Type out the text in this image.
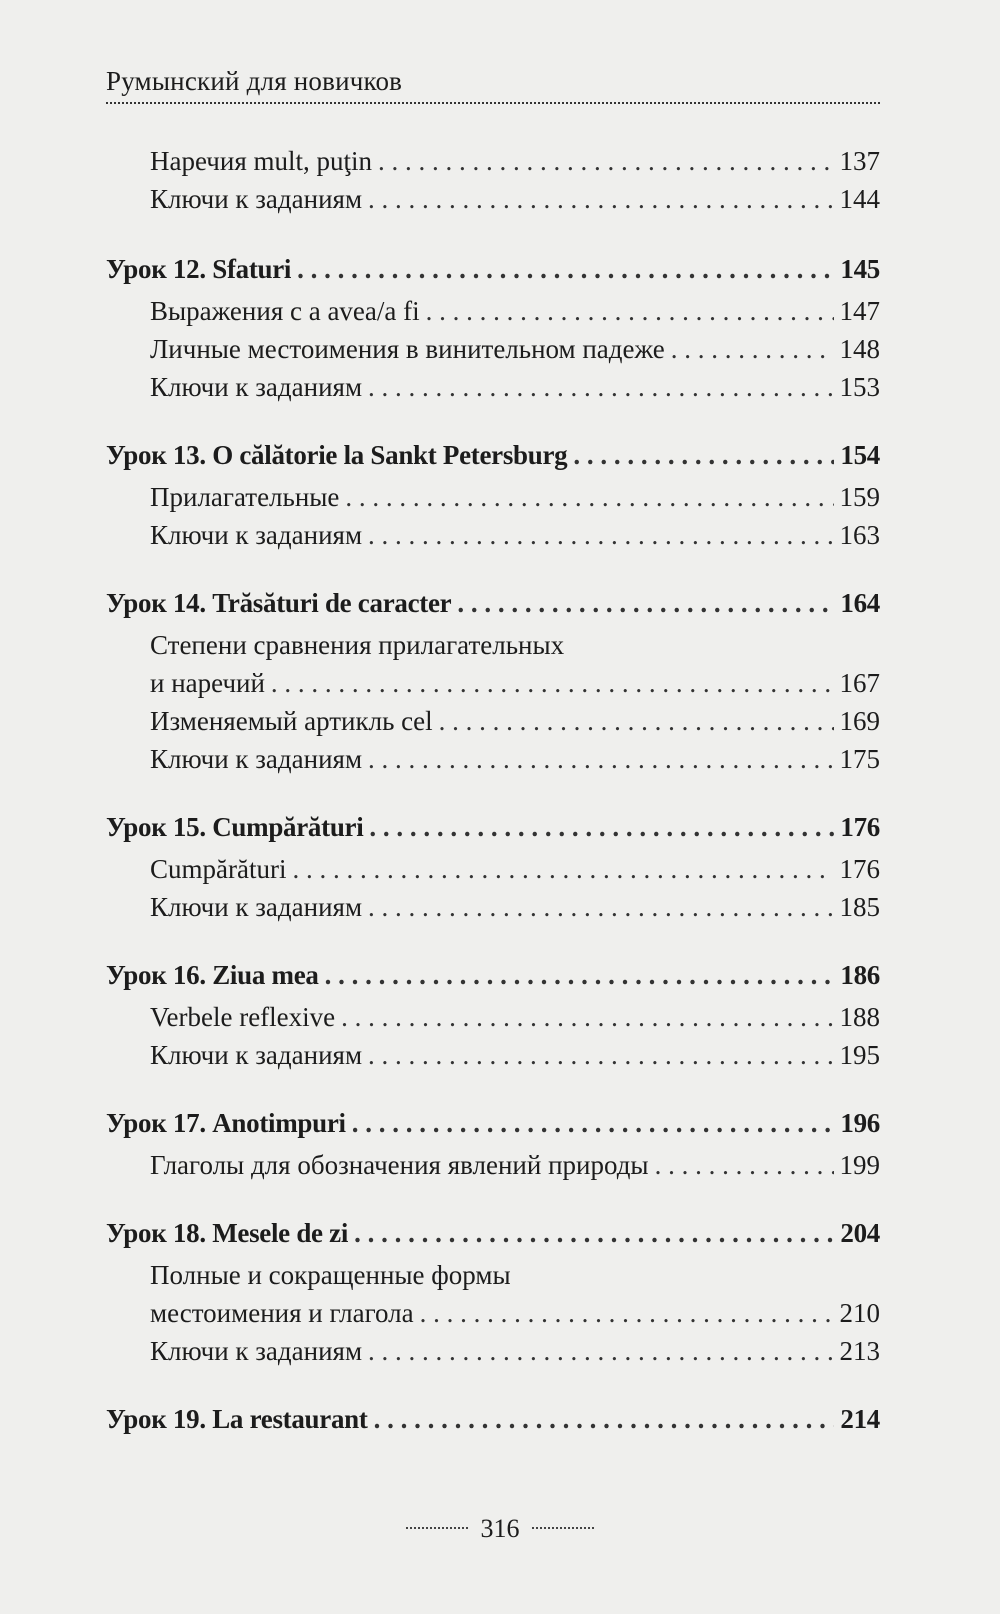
Румынский для новичков
Наречия mult, puţin . . .	137
Ключи к заданиям . . .	144
Урок 12. Sfaturi . . .	145
Выражения с a avea/a fi . . .	147
Личные местоимения в винительном падеже . . .	148
Ключи к заданиям . . .	153
Урок 13. O călătorie la Sankt Petersburg . . .	154
Прилагательные . . .	159
Ключи к заданиям . . .	163
Урок 14. Trăsături de caracter . . .	164
Степени сравнения прилагательных
и наречий . . .	167
Изменяемый артикль cel . . .	169
Ключи к заданиям . . .	175
Урок 15. Cumpărături . . .	176
Cumpărături . . .	176
Ключи к заданиям . . .	185
Урок 16. Ziua mea . . .	186
Verbele reflexive . . .	188
Ключи к заданиям . . .	195
Урок 17. Anotimpuri . . .	196
Глаголы для обозначения явлений природы . . .	199
Урок 18. Mesele de zi . . .	204
Полные и сокращенные формы
местоимения и глагола . . .	210
Ключи к заданиям . . .	213
Урок 19. La restaurant . . .	214
316
